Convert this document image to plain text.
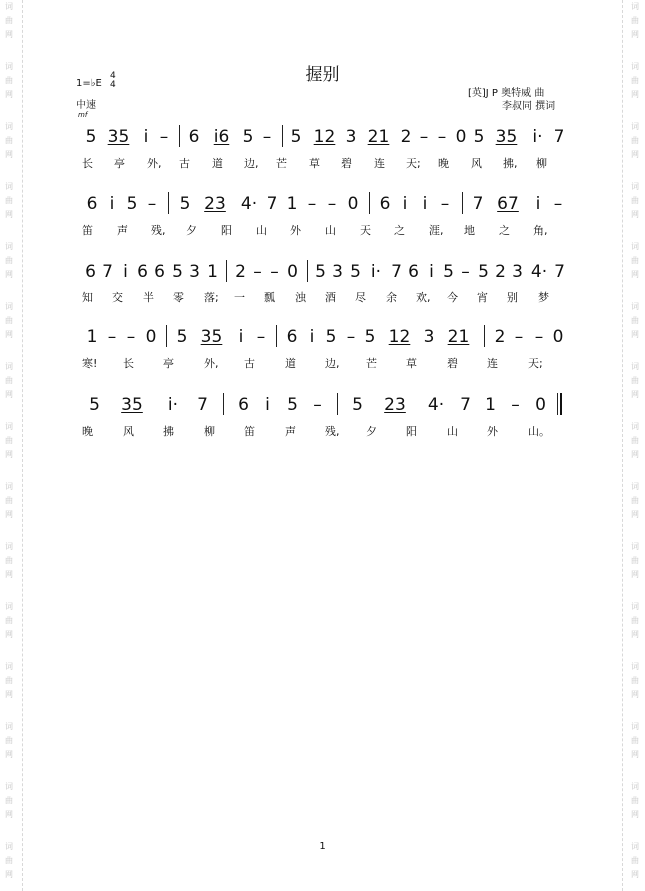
词
曲
网
词
曲
网
词
曲
网
词
曲
网
词
曲
网
词
曲
网
词
曲
网
词
曲
网
词
曲
网
词
曲
网
词
曲
网
词
曲
网
词
曲
网
词
曲
网
词
曲
网
词
曲
网
词
曲
网
词
曲
网
词
曲
网
词
曲
网
词
曲
网
词
曲
网
词
曲
网
词
曲
网
词
曲
网
词
曲
网
词
曲
网
词
曲
网
词
曲
网
词
曲
网
握别
1=♭E
4
4
中速
mf
[英]J P 奥特威 曲
李叔同 撰词
5 35 i – 6 i6 5 – 5 12 3 21 2 – – 0 5 35 i· 7
长 亭 外, 古 道 边, 芒 草 碧 连 天; 晚 风 拂, 柳
6 i 5 –	5 23 4· 7 1 – – 0 6 i i –	7 67 i –
笛 声 残, 夕 阳 山 外 山 天 之 涯, 地 之 角,
6 7 i 6 6 5 3 1 2 – – 0 5 3 5 i· 7 6 i 5 – 5 2 3 4· 7
知 交 半 零 落; 一 瓢 浊 酒 尽 余 欢, 今 宵 别 梦
1 – – 0 5 35 i –	6 i 5 – 5 12 3 21	2 – – 0
寒! 长	亭	外, 古	道	边, 芒	草	碧	连	天;
5	35	i·	7	6 i	5 –	5	23	4· 7 1 – 0
晚	风	拂	柳	笛	声	残, 夕	阳	山	外	山。
1
